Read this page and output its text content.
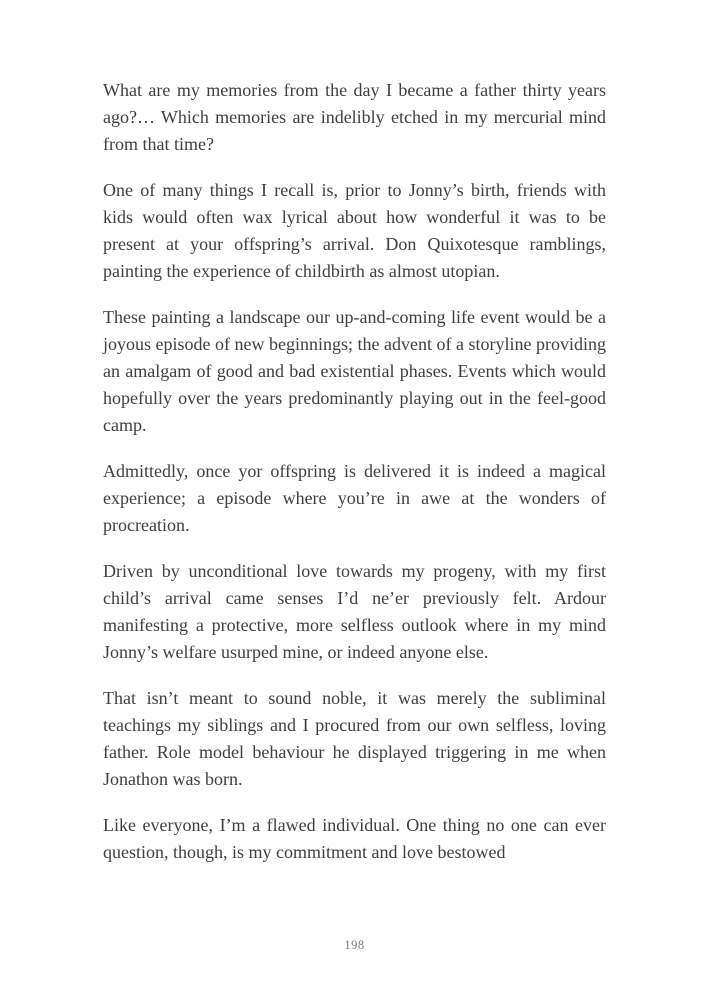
What are my memories from the day I became a father thirty years ago?… Which memories are indelibly etched in my mercurial mind from that time?

One of many things I recall is, prior to Jonny’s birth, friends with kids would often wax lyrical about how wonderful it was to be present at your offspring’s arrival. Don Quixotesque ramblings, painting the experience of childbirth as almost utopian.

These painting a landscape our up-and-coming life event would be a joyous episode of new beginnings; the advent of a storyline providing an amalgam of good and bad existential phases. Events which would hopefully over the years predominantly playing out in the feel-good camp.

Admittedly, once yor offspring is delivered it is indeed a magical experience; a episode where you’re in awe at the wonders of procreation.

Driven by unconditional love towards my progeny, with my first child’s arrival came senses I’d ne’er previously felt. Ardour manifesting a protective, more selfless outlook where in my mind Jonny’s welfare usurped mine, or indeed anyone else.

That isn’t meant to sound noble, it was merely the subliminal teachings my siblings and I procured from our own selfless, loving father. Role model behaviour he displayed triggering in me when Jonathon was born.

Like everyone, I’m a flawed individual. One thing no one can ever question, though, is my commitment and love bestowed

198
